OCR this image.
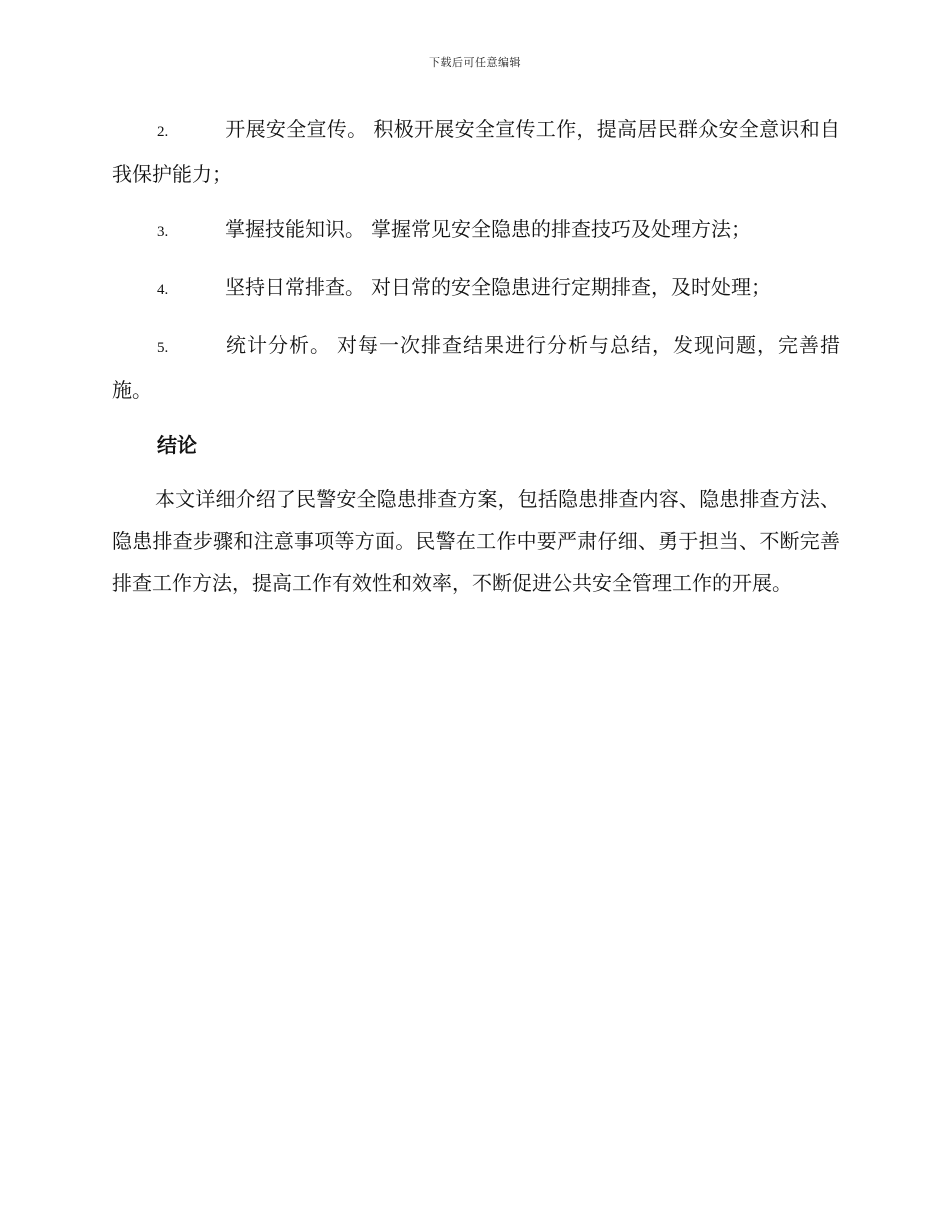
下载后可任意编辑

2.	开展安全宣传。 积极开展安全宣传工作，提高居民群众安全意识和自我保护能力；

3.	掌握技能知识。 掌握常见安全隐患的排查技巧及处理方法；

4.	坚持日常排查。 对日常的安全隐患进行定期排查，及时处理；

5.	统计分析。 对每一次排查结果进行分析与总结，发现问题，完善措施。

结论

本文详细介绍了民警安全隐患排查方案，包括隐患排查内容、隐患排查方法、隐患排查步骤和注意事项等方面。民警在工作中要严肃仔细、勇于担当、不断完善排查工作方法，提高工作有效性和效率，不断促进公共安全管理工作的开展。
